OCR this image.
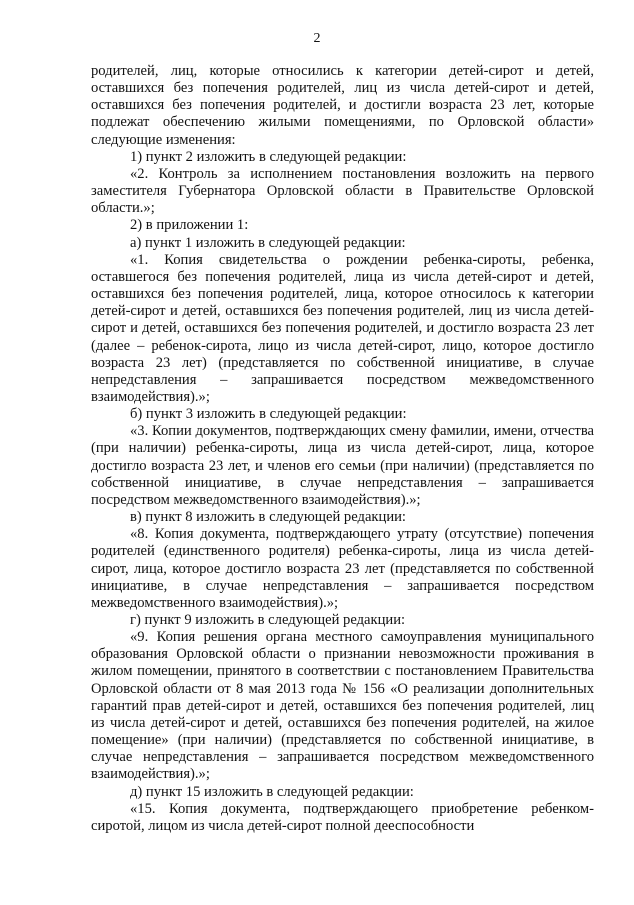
2

родителей, лиц, которые относились к категории детей-сирот и детей, оставшихся без попечения родителей, лиц из числа детей-сирот и детей, оставшихся без попечения родителей, и достигли возраста 23 лет, которые подлежат обеспечению жилыми помещениями, по Орловской области» следующие изменения:

1) пункт 2 изложить в следующей редакции:

«2. Контроль за исполнением постановления возложить на первого заместителя Губернатора Орловской области в Правительстве Орловской области.»;

2) в приложении 1:

а) пункт 1 изложить в следующей редакции:

«1. Копия свидетельства о рождении ребенка-сироты, ребенка, оставшегося без попечения родителей, лица из числа детей-сирот и детей, оставшихся без попечения родителей, лица, которое относилось к категории детей-сирот и детей, оставшихся без попечения родителей, лиц из числа детей-сирот и детей, оставшихся без попечения родителей, и достигло возраста 23 лет (далее – ребенок-сирота, лицо из числа детей-сирот, лицо, которое достигло возраста 23 лет) (представляется по собственной инициативе, в случае непредставления – запрашивается посредством межведомственного взаимодействия).»;

б) пункт 3 изложить в следующей редакции:

«3. Копии документов, подтверждающих смену фамилии, имени, отчества (при наличии) ребенка-сироты, лица из числа детей-сирот, лица, которое достигло возраста 23 лет, и членов его семьи (при наличии) (представляется по собственной инициативе, в случае непредставления – запрашивается посредством межведомственного взаимодействия).»;

в) пункт 8 изложить в следующей редакции:

«8. Копия документа, подтверждающего утрату (отсутствие) попечения родителей (единственного родителя) ребенка-сироты, лица из числа детей-сирот, лица, которое достигло возраста 23 лет (представляется по собственной инициативе, в случае непредставления – запрашивается посредством межведомственного взаимодействия).»;

г) пункт 9 изложить в следующей редакции:

«9. Копия решения органа местного самоуправления муниципального образования Орловской области о признании невозможности проживания в жилом помещении, принятого в соответствии с постановлением Правительства Орловской области от 8 мая 2013 года № 156 «О реализации дополнительных гарантий прав детей-сирот и детей, оставшихся без попечения родителей, лиц из числа детей-сирот и детей, оставшихся без попечения родителей, на жилое помещение» (при наличии) (представляется по собственной инициативе, в случае непредставления – запрашивается посредством межведомственного взаимодействия).»;

д) пункт 15 изложить в следующей редакции:

«15. Копия документа, подтверждающего приобретение ребенком-сиротой, лицом из числа детей-сирот полной дееспособности
